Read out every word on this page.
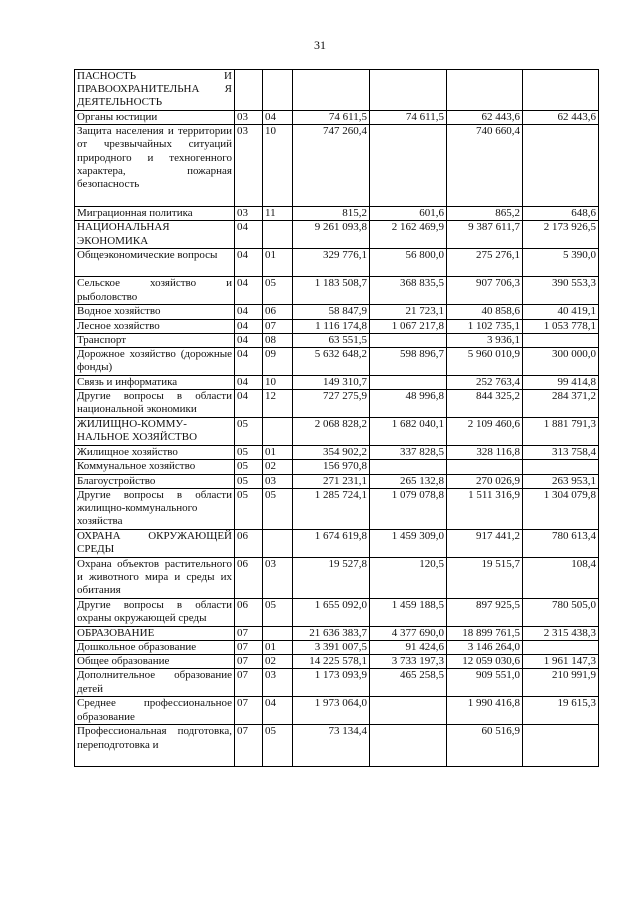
31
ПАСНОСТЬ И ПРАВООХРАНИТЕЛЬНА Я ДЕЯТЕЛЬНОСТЬ						
Органы юстиции	03	04	74 611,5	74 611,5	62 443,6	62 443,6
Защита населения и территории от чрезвычайных ситуаций природного и техногенного характера, пожарная безопасность	03	10	747 260,4		740 660,4	
Миграционная политика	03	11	815,2	601,6	865,2	648,6
НАЦИОНАЛЬНАЯ ЭКОНОМИКА	04		9 261 093,8	2 162 469,9	9 387 611,7	2 173 926,5
Общеэкономические вопросы	04	01	329 776,1	56 800,0	275 276,1	5 390,0
Сельское хозяйство и рыболовство	04	05	1 183 508,7	368 835,5	907 706,3	390 553,3
Водное хозяйство	04	06	58 847,9	21 723,1	40 858,6	40 419,1
Лесное хозяйство	04	07	1 116 174,8	1 067 217,8	1 102 735,1	1 053 778,1
Транспорт	04	08	63 551,5		3 936,1	
Дорожное хозяйство (дорожные фонды)	04	09	5 632 648,2	598 896,7	5 960 010,9	300 000,0
Связь и информатика	04	10	149 310,7		252 763,4	99 414,8
Другие вопросы в области национальной экономики	04	12	727 275,9	48 996,8	844 325,2	284 371,2
ЖИЛИЩНО-КОММУ-НАЛЬНОЕ ХОЗЯЙСТВО	05		2 068 828,2	1 682 040,1	2 109 460,6	1 881 791,3
Жилищное хозяйство	05	01	354 902,2	337 828,5	328 116,8	313 758,4
Коммунальное хозяйство	05	02	156 970,8			
Благоустройство	05	03	271 231,1	265 132,8	270 026,9	263 953,1
Другие вопросы в области жилищно-коммунального хозяйства	05	05	1 285 724,1	1 079 078,8	1 511 316,9	1 304 079,8
ОХРАНА ОКРУЖАЮЩЕЙ СРЕДЫ	06		1 674 619,8	1 459 309,0	917 441,2	780 613,4
Охрана объектов растительного и животного мира и среды их обитания	06	03	19 527,8	120,5	19 515,7	108,4
Другие вопросы в области охраны окружающей среды	06	05	1 655 092,0	1 459 188,5	897 925,5	780 505,0
ОБРАЗОВАНИЕ	07		21 636 383,7	4 377 690,0	18 899 761,5	2 315 438,3
Дошкольное образование	07	01	3 391 007,5	91 424,6	3 146 264,0	
Общее образование	07	02	14 225 578,1	3 733 197,3	12 059 030,6	1 961 147,3
Дополнительное образование детей	07	03	1 173 093,9	465 258,5	909 551,0	210 991,9
Среднее профессиональное образование	07	04	1 973 064,0		1 990 416,8	19 615,3
Профессиональная подготовка, переподготовка и	07	05	73 134,4		60 516,9	
